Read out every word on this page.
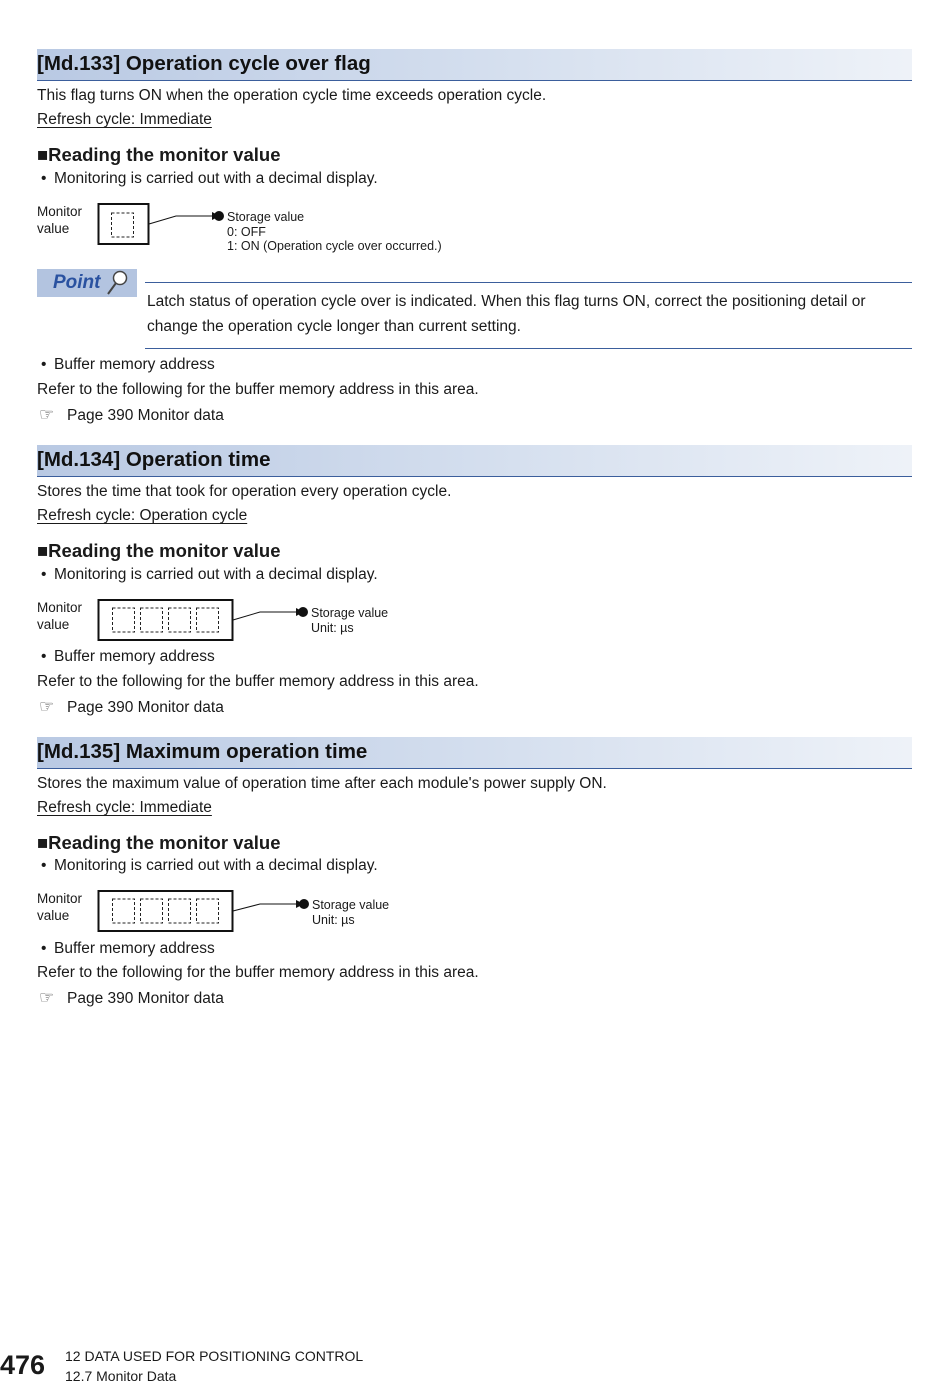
[Md.133] Operation cycle over flag
This flag turns ON when the operation cycle time exceeds operation cycle.
Refresh cycle: Immediate
■Reading the monitor value
• Monitoring is carried out with a decimal display.
Monitor
value
Storage value
0: OFF
1: ON (Operation cycle over occurred.)
Point
Latch status of operation cycle over is indicated. When this flag turns ON, correct the positioning detail or
change the operation cycle longer than current setting.
• Buffer memory address
Refer to the following for the buffer memory address in this area.
☞ Page 390 Monitor data
[Md.134] Operation time
Stores the time that took for operation every operation cycle.
Refresh cycle: Operation cycle
■Reading the monitor value
• Monitoring is carried out with a decimal display.
Monitor
value
Storage value
Unit: µs
• Buffer memory address
Refer to the following for the buffer memory address in this area.
☞ Page 390 Monitor data
[Md.135] Maximum operation time
Stores the maximum value of operation time after each module's power supply ON.
Refresh cycle: Immediate
■Reading the monitor value
• Monitoring is carried out with a decimal display.
Monitor
value
Storage value
Unit: µs
• Buffer memory address
Refer to the following for the buffer memory address in this area.
☞ Page 390 Monitor data
476 12 DATA USED FOR POSITIONING CONTROL
12.7 Monitor Data
